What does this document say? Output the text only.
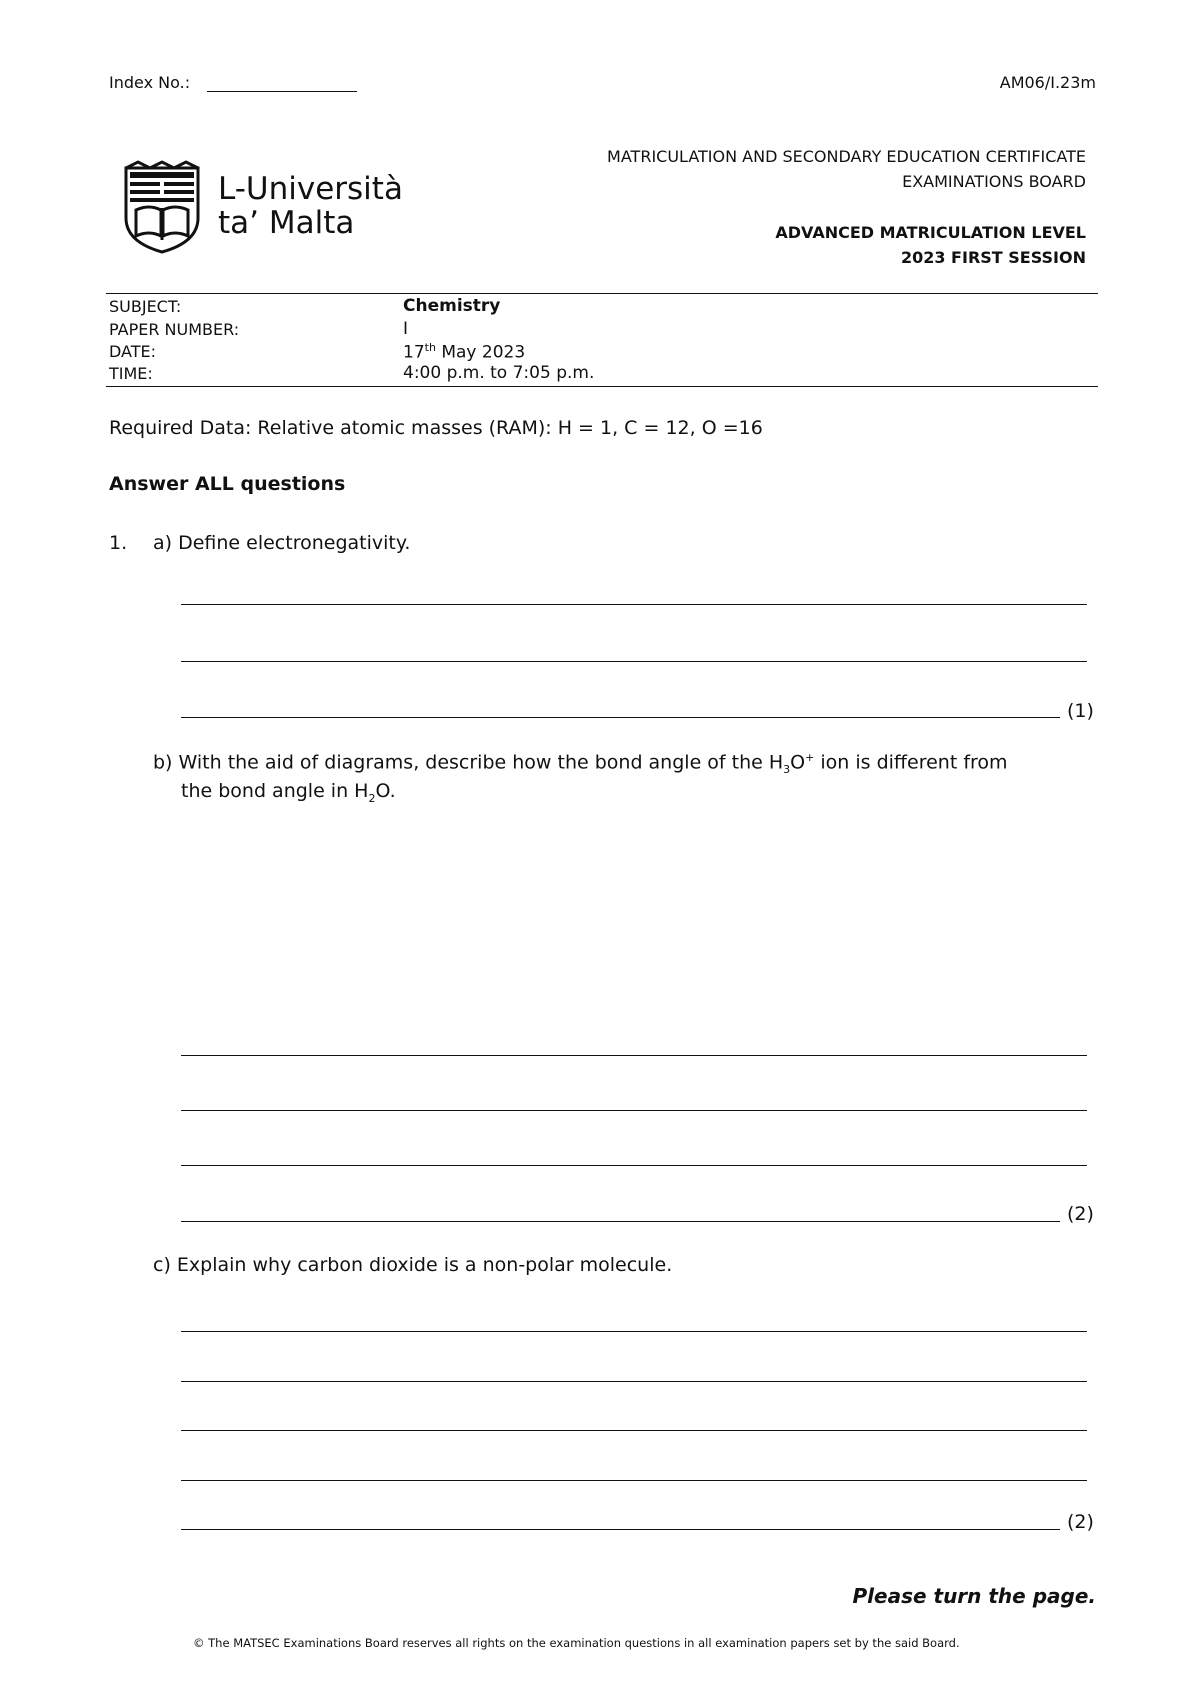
Index No.:	AM06/I.23m
L-Università
ta’ Malta
MATRICULATION AND SECONDARY EDUCATION CERTIFICATE
EXAMINATIONS BOARD
ADVANCED MATRICULATION LEVEL
2023 FIRST SESSION
SUBJECT:	Chemistry
PAPER NUMBER:	I
DATE:	17th May 2023
TIME:	4:00 p.m. to 7:05 p.m.
Required Data: Relative atomic masses (RAM): H = 1, C = 12, O =16
Answer ALL questions
1. a) Define electronegativity.
(1)
b) With the aid of diagrams, describe how the bond angle of the $H_3O^+$ ion is different from
the bond angle in $H_2O$.
(2)
c) Explain why carbon dioxide is a non-polar molecule.
(2)
Please turn the page.
© The MATSEC Examinations Board reserves all rights on the examination questions in all examination papers set by the said Board.
